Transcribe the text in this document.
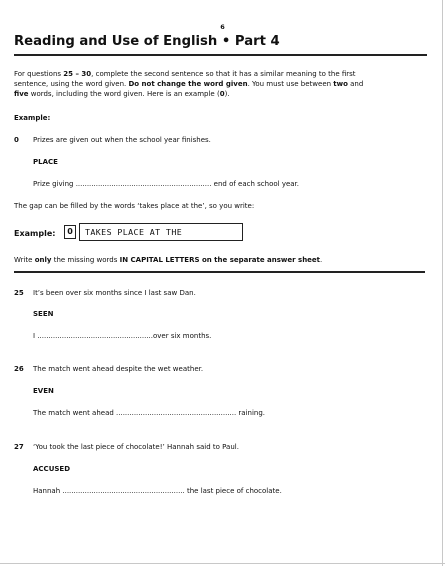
6
Reading and Use of English • Part 4
For questions 25 – 30, complete the second sentence so that it has a similar meaning to the first
sentence, using the word given. Do not change the word given. You must use between two and
five words, including the word given. Here is an example (0).
Example:
0 Prizes are given out when the school year finishes.
PLACE
Prize giving ............................................................. end of each school year.
The gap can be filled by the words ‘takes place at the’, so you write:
Example:	0	TAKES PLACE AT THE
Write only the missing words IN CAPITAL LETTERS on the separate answer sheet.
25 It’s been over six months since I last saw Dan.
SEEN
I ....................................................over six months.
26 The match went ahead despite the wet weather.
EVEN
The match went ahead ...................................................... raining.
27 ‘You took the last piece of chocolate!’ Hannah said to Paul.
ACCUSED
Hannah ....................................................... the last piece of chocolate.
